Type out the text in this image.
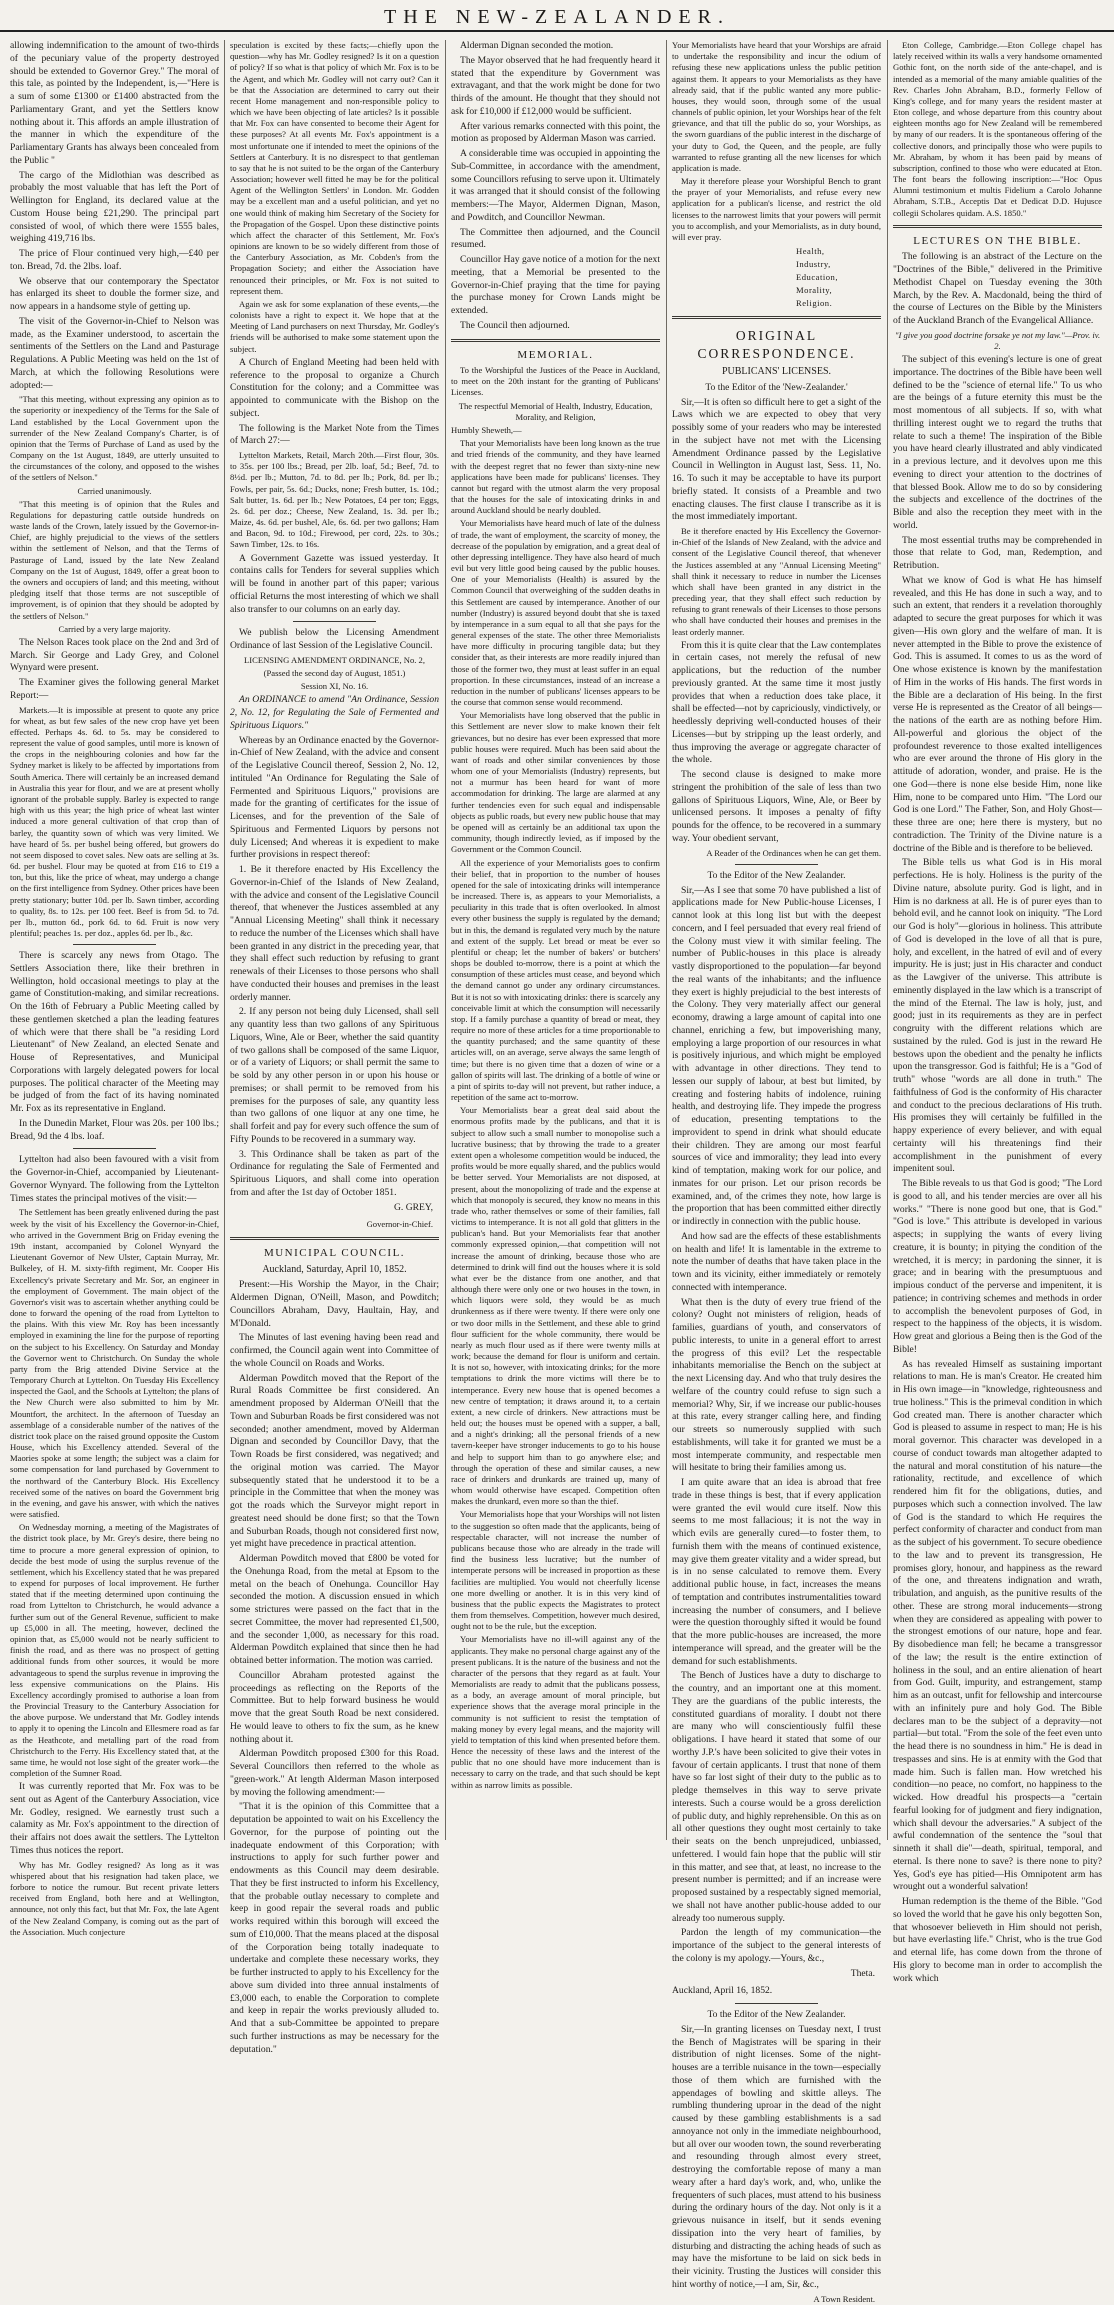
THE NEW-ZEALANDER.

allowing indemnification to the amount of two-thirds of the pecuniary value of the property destroyed should be extended to Governor Grey." The moral of this tale, as pointed by the Independent, is,—"Here is a sum of some £1300 or £1400 abstracted from the Parliamentary Grant, and yet the Settlers know nothing about it. This affords an ample illustration of the manner in which the expenditure of the Parliamentary Grants has always been concealed from the Public "

The cargo of the Midlothian was described as probably the most valuable that has left the Port of Wellington for England, its declared value at the Custom House being £21,290. The principal part consisted of wool, of which there were 1555 bales, weighing 419,716 lbs.

The price of Flour continued very high,—£40 per ton. Bread, 7d. the 2lbs. loaf.

We observe that our contemporary the Spectator has enlarged its sheet to double the former size, and now appears in a handsome style of getting up.

The visit of the Governor-in-Chief to Nelson was made, as the Examiner understood, to ascertain the sentiments of the Settlers on the Land and Pasturage Regulations. A Public Meeting was held on the 1st of March, at which the following Resolutions were adopted:—

"That this meeting, without expressing any opinion as to the superiority or inexpediency of the Terms for the Sale of Land established by the Local Government upon the surrender of the New Zealand Company's Charter, is of opinion that the Terms of Purchase of Land as used by the Company on the 1st August, 1849, are utterly unsuited to the circumstances of the colony, and opposed to the wishes of the settlers of Nelson."

Carried unanimously.

"That this meeting is of opinion that the Rules and Regulations for depasturing cattle outside hundreds on waste lands of the Crown, lately issued by the Governor-in-Chief, are highly prejudicial to the views of the settlers within the settlement of Nelson, and that the Terms of Pasturage of Land, issued by the late New Zealand Company on the 1st of August, 1849, offer a great boon to the owners and occupiers of land; and this meeting, without pledging itself that those terms are not susceptible of improvement, is of opinion that they should be adopted by the settlers of Nelson."

Carried by a very large majority.

The Nelson Races took place on the 2nd and 3rd of March. Sir George and Lady Grey, and Colonel Wynyard were present.

The Examiner gives the following general Market Report:—

Markets.—It is impossible at present to quote any price for wheat, as but few sales of the new crop have yet been effected. Perhaps 4s. 6d. to 5s. may be considered to represent the value of good samples, until more is known of the crops in the neighbouring colonies and how far the Sydney market is likely to be affected by importations from South America. There will certainly be an increased demand in Australia this year for flour, and we are at present wholly ignorant of the probable supply. Barley is expected to range high with us this year; the high price of wheat last winter induced a more general cultivation of that crop than of barley, the quantity sown of which was very limited. We have heard of 5s. per bushel being offered, but growers do not seem disposed to covet sales. New oats are selling at 3s. 6d. per bushel. Flour may be quoted at from £16 to £19 a ton, but this, like the price of wheat, may undergo a change on the first intelligence from Sydney. Other prices have been pretty stationary; butter 10d. per lb. Sawn timber, according to quality, 8s. to 12s. per 100 feet. Beef is from 5d. to 7d. per lb., mutton 6d., pork 6d. to 6d. Fruit is now very plentiful; peaches 1s. per doz., apples 6d. per lb., &c.

There is scarcely any news from Otago. The Settlers Association there, like their brethren in Wellington, hold occasional meetings to play at the game of Constitution-making, and similar recreations. On the 16th of February a Public Meeting called by these gentlemen sketched a plan the leading features of which were that there shall be "a residing Lord Lieutenant" of New Zealand, an elected Senate and House of Representatives, and Municipal Corporations with largely delegated powers for local purposes. The political character of the Meeting may be judged of from the fact of its having nominated Mr. Fox as its representative in England.

In the Dunedin Market, Flour was 20s. per 100 lbs.; Bread, 9d the 4 lbs. loaf.

Lyttelton had also been favoured with a visit from the Governor-in-Chief, accompanied by Lieutenant-Governor Wynyard. The following from the Lyttelton Times states the principal motives of the visit:—

The Settlement has been greatly enlivened during the past week by the visit of his Excellency the Governor-in-Chief, who arrived in the Government Brig on Friday evening the 19th instant, accompanied by Colonel Wynyard the Lieutenant Governor of New Ulster, Captain Murray, Mr. Bulkeley, of H. M. sixty-fifth regiment, Mr. Cooper His Excellency's private Secretary and Mr. Sor, an engineer in the employment of Government. The main object of the Governor's visit was to ascertain whether anything could be done to forward the opening of the road from Lyttelton to the plains. With this view Mr. Roy has been incessantly employed in examining the line for the purpose of reporting on the subject to his Excellency. On Saturday and Monday the Governor went to Christchurch. On Sunday the whole party from the Brig attended Divine Service at the Temporary Church at Lyttelton. On Tuesday His Excellency inspected the Gaol, and the Schools at Lyttelton; the plans of the New Church were also submitted to him by Mr. Mountfort, the architect. In the afternoon of Tuesday an assemblage of a considerable number of the natives of the district took place on the raised ground opposite the Custom House, which his Excellency attended. Several of the Maories spoke at some length; the subject was a claim for some compensation for land purchased by Government to the northward of the Canterbury Block. His Excellency received some of the natives on board the Government brig in the evening, and gave his answer, with which the natives were satisfied.

On Wednesday morning, a meeting of the Magistrates of the district took place, by Mr. Grey's desire, there being no time to procure a more general expression of opinion, to decide the best mode of using the surplus revenue of the settlement, which his Excellency stated that he was prepared to expend for purposes of local improvement. He further stated that if the meeting determined upon continuing the road from Lyttelton to Christchurch, he would advance a further sum out of the General Revenue, sufficient to make up £5,000 in all. The meeting, however, declined the opinion that, as £5,000 would not be nearly sufficient to finish the road, and as there was no prospect of getting additional funds from other sources, it would be more advantageous to spend the surplus revenue in improving the less expensive communications on the Plains. His Excellency accordingly promised to authorise a loan from the Provincial Treasury to the Canterbury Association for the above purpose. We understand that Mr. Godley intends to apply it to opening the Lincoln and Ellesmere road as far as the Heathcote, and metalling part of the road from Christchurch to the Ferry. His Excellency stated that, at the same time, he would not lose sight of the greater work—the completion of the Sumner Road.

It was currently reported that Mr. Fox was to be sent out as Agent of the Canterbury Association, vice Mr. Godley, resigned. We earnestly trust such a calamity as Mr. Fox's appointment to the direction of their affairs not does await the settlers. The Lyttelton Times thus notices the report.

Why has Mr. Godley resigned? As long as it was whispered about that his resignation had taken place, we forbore to notice the rumour. But recent private letters received from England, both here and at Wellington, announce, not only this fact, but that Mr. Fox, the late Agent of the New Zealand Company, is coming out as the part of the Association. Much conjecture

speculation is excited by these facts;—chiefly upon the question—why has Mr. Godley resigned? Is it on a question of policy? If so what is that policy of which Mr. Fox is to be the Agent, and which Mr. Godley will not carry out? Can it be that the Association are determined to carry out their recent Home management and non-responsible policy to which we have been objecting of late articles? Is it possible that Mr. Fox can have consented to become their Agent for these purposes? At all events Mr. Fox's appointment is a most unfortunate one if intended to meet the opinions of the Settlers at Canterbury. It is no disrespect to that gentleman to say that he is not suited to be the organ of the Canterbury Association; however well fitted he may be for the political Agent of the Wellington Settlers' in London. Mr. Godden may be a excellent man and a useful politician, and yet no one would think of making him Secretary of the Society for the Propagation of the Gospel. Upon these distinctive points which affect the character of this Settlement, Mr. Fox's opinions are known to be so widely different from those of the Canterbury Association, as Mr. Cobden's from the Propagation Society; and either the Association have renounced their principles, or Mr. Fox is not suited to represent them.

Again we ask for some explanation of these events,—the colonists have a right to expect it. We hope that at the Meeting of Land purchasers on next Thursday, Mr. Godley's friends will be authorised to make some statement upon the subject.

A Church of England Meeting had been held with reference to the proposal to organize a Church Constitution for the colony; and a Committee was appointed to communicate with the Bishop on the subject.

The following is the Market Note from the Times of March 27:—

Lyttelton Markets, Retail, March 20th.—First flour, 30s. to 35s. per 100 lbs.; Bread, per 2lb. loaf, 5d.; Beef, 7d. to 8½d. per lb.; Mutton, 7d. to 8d. per lb.; Pork, 8d. per lb.; Fowls, per pair, 5s. 6d.; Ducks, none; Fresh butter, 1s. 10d.; Salt butter, 1s. 6d. per lb.; New Potatoes, £4 per ton; Eggs, 2s. 6d. per doz.; Cheese, New Zealand, 1s. 3d. per lb.; Maize, 4s. 6d. per bushel, Ale, 6s. 6d. per two gallons; Ham and Bacon, 9d. to 10d.; Firewood, per cord, 22s. to 30s.; Sawn Timber, 12s. to 16s.

A Government Gazette was issued yesterday. It contains calls for Tenders for several supplies which will be found in another part of this paper; various official Returns the most interesting of which we shall also transfer to our columns on an early day.

We publish below the Licensing Amendment Ordinance of last Session of the Legislative Council.

LICENSING AMENDMENT ORDINANCE, No. 2,

(Passed the second day of August, 1851.)

Session XI, No. 16.

An ORDINANCE to amend "An Ordinance, Session 2, No. 12, for Regulating the Sale of Fermented and Spirituous Liquors."

Whereas by an Ordinance enacted by the Governor-in-Chief of New Zealand, with the advice and consent of the Legislative Council thereof, Session 2, No. 12, intituled "An Ordinance for Regulating the Sale of Fermented and Spirituous Liquors," provisions are made for the granting of certificates for the issue of Licenses, and for the prevention of the Sale of Spirituous and Fermented Liquors by persons not duly Licensed; And whereas it is expedient to make further provisions in respect thereof:

1. Be it therefore enacted by His Excellency the Governor-in-Chief of the Islands of New Zealand, with the advice and consent of the Legislative Council thereof, that whenever the Justices assembled at any "Annual Licensing Meeting" shall think it necessary to reduce the number of the Licenses which shall have been granted in any district in the preceding year, that they shall effect such reduction by refusing to grant renewals of their Licenses to those persons who shall have conducted their houses and premises in the least orderly manner.

2. If any person not being duly Licensed, shall sell any quantity less than two gallons of any Spirituous Liquors, Wine, Ale or Beer, whether the said quantity of two gallons shall be composed of the same Liquor, or of a variety of Liquors; or shall permit the same to be sold by any other person in or upon his house or premises; or shall permit to be removed from his premises for the purposes of sale, any quantity less than two gallons of one liquor at any one time, he shall forfeit and pay for every such offence the sum of Fifty Pounds to be recovered in a summary way.

3. This Ordinance shall be taken as part of the Ordinance for regulating the Sale of Fermented and Spirituous Liquors, and shall come into operation from and after the 1st day of October 1851.

G. GREY,

Governor-in-Chief.

MUNICIPAL COUNCIL.
Auckland, Saturday, April 10, 1852.

Present:—His Worship the Mayor, in the Chair; Aldermen Dignan, O'Neill, Mason, and Powditch; Councillors Abraham, Davy, Haultain, Hay, and M'Donald.

The Minutes of last evening having been read and confirmed, the Council again went into Committee of the whole Council on Roads and Works.

Alderman Powditch moved that the Report of the Rural Roads Committee be first considered. An amendment proposed by Alderman O'Neill that the Town and Suburban Roads be first considered was not seconded; another amendment, moved by Alderman Dignan and seconded by Councillor Davy, that the Town Roads be first considered, was negatived; and the original motion was carried. The Mayor subsequently stated that he understood it to be a principle in the Committee that when the money was got the roads which the Surveyor might report in greatest need should be done first; so that the Town and Suburban Roads, though not considered first now, yet might have precedence in practical attention.

Alderman Powditch moved that £800 be voted for the Onehunga Road, from the metal at Epsom to the metal on the beach of Onehunga. Councillor Hay seconded the motion. A discussion ensued in which some strictures were passed on the fact that in the secret Committee, the mover had represented £1,500, and the seconder 1,000, as necessary for this road. Alderman Powditch explained that since then he had obtained better information. The motion was carried.

Councillor Abraham protested against the proceedings as reflecting on the Reports of the Committee. But to help forward business he would move that the great South Road be next considered. He would leave to others to fix the sum, as he knew nothing about it.

Alderman Powditch proposed £300 for this Road. Several Councillors then referred to the whole as "green-work." At length Alderman Mason interposed by moving the following amendment:—

"That it is the opinion of this Committee that a deputation be appointed to wait on his Excellency the Governor, for the purpose of pointing out the inadequate endowment of this Corporation; with instructions to apply for such further power and endowments as this Council may deem desirable. That they be first instructed to inform his Excellency, that the probable outlay necessary to complete and keep in good repair the several roads and public works required within this borough will exceed the sum of £10,000. That the means placed at the disposal of the Corporation being totally inadequate to undertake and complete these necessary works, they be further instructed to apply to his Excellency for the above sum divided into three annual instalments of £3,000 each, to enable the Corporation to complete and keep in repair the works previously alluded to. And that a sub-Committee be appointed to prepare such further instructions as may be necessary for the deputation."

Alderman Dignan seconded the motion.

The Mayor observed that he had frequently heard it stated that the expenditure by Government was extravagant, and that the work might be done for two thirds of the amount. He thought that they should not ask for £10,000 if £12,000 would be sufficient.

After various remarks connected with this point, the motion as proposed by Alderman Mason was carried.

A considerable time was occupied in appointing the Sub-Committee, in accordance with the amendment, some Councillors refusing to serve upon it. Ultimately it was arranged that it should consist of the following members:—The Mayor, Aldermen Dignan, Mason, and Powditch, and Councillor Newman.

The Committee then adjourned, and the Council resumed.

Councillor Hay gave notice of a motion for the next meeting, that a Memorial be presented to the Governor-in-Chief praying that the time for paying the purchase money for Crown Lands might be extended.

The Council then adjourned.

MEMORIAL.

To the Worshipful the Justices of the Peace in Auckland, to meet on the 20th instant for the granting of Publicans' Licenses.

The respectful Memorial of Health, Industry, Education, Morality, and Religion,

Humbly Sheweth,—

That your Memorialists have been long known as the true and tried friends of the community, and they have learned with the deepest regret that no fewer than sixty-nine new applications have been made for publicans' licenses. They cannot but regard with the utmost alarm the very proposal that the houses for the sale of intoxicating drinks in and around Auckland should be nearly doubled.

Your Memorialists have heard much of late of the dulness of trade, the want of employment, the scarcity of money, the decrease of the population by emigration, and a great deal of other depressing intelligence. They have also heard of much evil but very little good being caused by the public houses. One of your Memorialists (Health) is assured by the Common Council that overweighing of the sudden deaths in this Settlement are caused by intemperance. Another of our number (Industry) is assured beyond doubt that she is taxed by intemperance in a sum equal to all that she pays for the general expenses of the state. The other three Memorialists have more difficulty in procuring tangible data; but they consider that, as their interests are more readily injured than those of the former two, they must at least suffer in an equal proportion. In these circumstances, instead of an increase a reduction in the number of publicans' licenses appears to be the course that common sense would recommend.

Your Memorialists have long observed that the public in this Settlement are never slow to make known their felt grievances, but no desire has ever been expressed that more public houses were required. Much has been said about the want of roads and other similar conveniences by those whom one of your Memorialists (Industry) represents, but not a murmur has been heard for want of more accommodation for drinking. The large are alarmed at any further tendencies even for such equal and indispensable objects as public roads, but every new public house that may be opened will as certainly be an additional tax upon the community, though indirectly levied, as if imposed by the Government or the Common Council.

All the experience of your Memorialists goes to confirm their belief, that in proportion to the number of houses opened for the sale of intoxicating drinks will intemperance be increased. There is, as appears to your Memorialists, a peculiarity in this trade that is often overlooked. In almost every other business the supply is regulated by the demand; but in this, the demand is regulated very much by the nature and extent of the supply. Let bread or meat be ever so plentiful or cheap; let the number of bakers' or butchers' shops be doubled to-morrow, there is a point at which the consumption of these articles must cease, and beyond which the demand cannot go under any ordinary circumstances. But it is not so with intoxicating drinks: there is scarcely any conceivable limit at which the consumption will necessarily stop. If a family purchase a quantity of bread or meat, they require no more of these articles for a time proportionable to the quantity purchased; and the same quantity of these articles will, on an average, serve always the same length of time; but there is no given time that a dozen of wine or a gallon of spirits will last. The drinking of a bottle of wine or a pint of spirits to-day will not prevent, but rather induce, a repetition of the same act to-morrow.

Your Memorialists bear a great deal said about the enormous profits made by the publicans, and that it is subject to allow such a small number to monopolise such a lucrative business; that by throwing the trade to a greater extent open a wholesome competition would be induced, the profits would be more equally shared, and the publics would be better served. Your Memorialists are not disposed, at present, about the monopolizing of trade and the expense at which that monopoly is secured, they know no means in this trade who, rather themselves or some of their families, fall victims to intemperance. It is not all gold that glitters in the publican's hand. But your Memorialists fear that another commonly expressed opinion,—that competition will not increase the amount of drinking, because those who are determined to drink will find out the houses where it is sold what ever be the distance from one another, and that although there were only one or two houses in the town, in which liquors were sold, they would be as much drunkenness as if there were twenty. If there were only one or two door mills in the Settlement, and these able to grind flour sufficient for the whole community, there would be nearly as much flour used as if there were twenty mills at work; because the demand for flour is uniform and certain. It is not so, however, with intoxicating drinks; for the more temptations to drink the more victims will there be to intemperance. Every new house that is opened becomes a new centre of temptation; it draws around it, to a certain extent, a new circle of drinkers. New attractions must be held out; the houses must be opened with a supper, a ball, and a night's drinking; all the personal friends of a new tavern-keeper have stronger inducements to go to his house and help to support him than to go anywhere else; and through the operation of these and similar causes, a new race of drinkers and drunkards are trained up, many of whom would otherwise have escaped. Competition often makes the drunkard, even more so than the thief.

Your Memorialists hope that your Worships will not listen to the suggestion so often made that the applicants, being of respectable character, will not increase the number of publicans because those who are already in the trade will find the business less lucrative; but the number of intemperate persons will be increased in proportion as these facilities are multiplied. You would not cheerfully license one more dwelling or another. It is in this very kind of business that the public expects the Magistrates to protect them from themselves. Competition, however much desired, ought not to be the rule, but the exception.

Your Memorialists have no ill-will against any of the applicants. They make no personal charge against any of the present publicans. It is the nature of the business and not the character of the persons that they regard as at fault. Your Memorialists are ready to admit that the publicans possess, as a body, an average amount of moral principle, but experience shows that the average moral principle in the community is not sufficient to resist the temptation of making money by every legal means, and the majority will yield to temptation of this kind when presented before them. Hence the necessity of these laws and the interest of the public that no one should have more inducement than is necessary to carry on the trade, and that such should be kept within as narrow limits as possible.

Your Memorialists have heard that your Worships are afraid to undertake the responsibility and incur the odium of refusing these new applications unless the public petition against them. It appears to your Memorialists as they have already said, that if the public wanted any more public-houses, they would soon, through some of the usual channels of public opinion, let your Worships hear of the felt grievance, and that till the public do so, your Worships, as the sworn guardians of the public interest in the discharge of your duty to God, the Queen, and the people, are fully warranted to refuse granting all the new licenses for which application is made.

May it therefore please your Worshipful Bench to grant the prayer of your Memorialists, and refuse every new application for a publican's license, and restrict the old licenses to the narrowest limits that your powers will permit you to accomplish, and your Memorialists, as in duty bound, will ever pray.

Health,
Industry,
Education,
Morality,
Religion.
ORIGINAL CORRESPONDENCE.
PUBLICANS' LICENSES.

To the Editor of the 'New-Zealander.'

Sir,—It is often so difficult here to get a sight of the Laws which we are expected to obey that very possibly some of your readers who may be interested in the subject have not met with the Licensing Amendment Ordinance passed by the Legislative Council in Wellington in August last, Sess. 11, No. 16. To such it may be acceptable to have its purport briefly stated. It consists of a Preamble and two enacting clauses. The first clause I transcribe as it is the most immediately important.

Be it therefore enacted by His Excellency the Governor-in-Chief of the Islands of New Zealand, with the advice and consent of the Legislative Council thereof, that whenever the Justices assembled at any "Annual Licensing Meeting" shall think it necessary to reduce in number the Licenses which shall have been granted in any district in the preceding year, that they shall effect such reduction by refusing to grant renewals of their Licenses to those persons who shall have conducted their houses and premises in the least orderly manner.

From this it is quite clear that the Law contemplates in certain cases, not merely the refusal of new applications, but the reduction of the number previously granted. At the same time it most justly provides that when a reduction does take place, it shall be effected—not by capriciously, vindictively, or heedlessly depriving well-conducted houses of their Licenses—but by stripping up the least orderly, and thus improving the average or aggregate character of the whole.

The second clause is designed to make more stringent the prohibition of the sale of less than two gallons of Spirituous Liquors, Wine, Ale, or Beer by unlicensed persons. It imposes a penalty of fifty pounds for the offence, to be recovered in a summary way. Your obedient servant,

A Reader of the Ordinances when he can get them.

To the Editor of the New Zealander.

Sir,—As I see that some 70 have published a list of applications made for New Public-house Licenses, I cannot look at this long list but with the deepest concern, and I feel persuaded that every real friend of the Colony must view it with similar feeling. The number of Public-houses in this place is already vastly disproportioned to the population—far beyond the real wants of the inhabitants; and the influence they exert is highly prejudicial to the best interests of the Colony. They very materially affect our general economy, drawing a large amount of capital into one channel, enriching a few, but impoverishing many, employing a large proportion of our resources in what is positively injurious, and which might be employed with advantage in other directions. They tend to lessen our supply of labour, at best but limited, by creating and fostering habits of indolence, ruining health, and destroying life. They impede the progress of education, presenting temptations to the improvident to spend in drink what should educate their children. They are among our most fearful sources of vice and immorality; they lead into every kind of temptation, making work for our police, and inmates for our prison. Let our prison records be examined, and, of the crimes they note, how large is the proportion that has been committed either directly or indirectly in connection with the public house.

And how sad are the effects of these establishments on health and life! It is lamentable in the extreme to note the number of deaths that have taken place in the town and its vicinity, either immediately or remotely connected with intemperance.

What then is the duty of every true friend of the colony? Ought not ministers of religion, heads of families, guardians of youth, and conservators of public interests, to unite in a general effort to arrest the progress of this evil? Let the respectable inhabitants memorialise the Bench on the subject at the next Licensing day. And who that truly desires the welfare of the country could refuse to sign such a memorial? Why, Sir, if we increase our public-houses at this rate, every stranger calling here, and finding our streets so numerously supplied with such establishments, will take it for granted we must be a most intemperate community, and respectable men will hesitate to bring their families among us.

I am quite aware that an idea is abroad that free trade in these things is best, that if every application were granted the evil would cure itself. Now this seems to me most fallacious; it is not the way in which evils are generally cured—to foster them, to furnish them with the means of continued existence, may give them greater vitality and a wider spread, but is in no sense calculated to remove them. Every additional public house, in fact, increases the means of temptation and contributes instrumentalities toward increasing the number of consumers, and I believe were the question thoroughly sifted it would be found that the more public-houses are increased, the more intemperance will spread, and the greater will be the demand for such establishments.

The Bench of Justices have a duty to discharge to the country, and an important one at this moment. They are the guardians of the public interests, the constituted guardians of morality. I doubt not there are many who will conscientiously fulfil these obligations. I have heard it stated that some of our worthy J.P.'s have been solicited to give their votes in favour of certain applicants. I trust that none of them have so far lost sight of their duty to the public as to pledge themselves in this way to serve private interests. Such a course would be a gross dereliction of public duty, and highly reprehensible. On this as on all other questions they ought most certainly to take their seats on the bench unprejudiced, unbiassed, unfettered. I would fain hope that the public will stir in this matter, and see that, at least, no increase to the present number is permitted; and if an increase were proposed sustained by a respectably signed memorial, we shall not have another public-house added to our already too numerous supply.

Pardon the length of my communication—the importance of the subject to the general interests of the colony is my apology.—Yours, &c.,

Theta.

Auckland, April 16, 1852.

To the Editor of the New Zealander.

Sir,—In granting licenses on Tuesday next, I trust the Bench of Magistrates will be sparing in their distribution of night licenses. Some of the night-houses are a terrible nuisance in the town—especially those of them which are furnished with the appendages of bowling and skittle alleys. The rumbling thundering uproar in the dead of the night caused by these gambling establishments is a sad annoyance not only in the immediate neighbourhood, but all over our wooden town, the sound reverberating and resounding through almost every street, destroying the comfortable repose of many a man weary after a hard day's work, and, who, unlike the frequenters of such places, must attend to his business during the ordinary hours of the day. Not only is it a grievous nuisance in itself, but it sends evening dissipation into the very heart of families, by disturbing and distracting the aching heads of such as may have the misfortune to be laid on sick beds in their vicinity. Trusting the Justices will consider this hint worthy of notice,—I am, Sir, &c.,

A Town Resident.

Eton College, Cambridge.—Eton College chapel has lately received within its walls a very handsome ornamented Gothic font, on the north side of the ante-chapel, and is intended as a memorial of the many amiable qualities of the Rev. Charles John Abraham, B.D., formerly Fellow of King's college, and for many years the resident master at Eton college, and whose departure from this country about eighteen months ago for New Zealand will be remembered by many of our readers. It is the spontaneous offering of the collective donors, and principally those who were pupils to Mr. Abraham, by whom it has been paid by means of subscription, confined to those who were educated at Eton. The font bears the following inscription:—"Hoc Opus Alumni testimonium et multis Fidelium a Carolo Johanne Abraham, S.T.B., Acceptis Dat et Dedicat D.D. Hujusce collegii Scholares quidam. A.S. 1850."

LECTURES ON THE BIBLE.

The following is an abstract of the Lecture on the "Doctrines of the Bible," delivered in the Primitive Methodist Chapel on Tuesday evening the 30th March, by the Rev. A. Macdonald, being the third of the course of Lectures on the Bible by the Ministers of the Auckland Branch of the Evangelical Alliance.

"I give you good doctrine forsake ye not my law."—Prov. iv. 2.

The subject of this evening's lecture is one of great importance. The doctrines of the Bible have been well defined to be the "science of eternal life." To us who are the beings of a future eternity this must be the most momentous of all subjects. If so, with what thrilling interest ought we to regard the truths that relate to such a theme! The inspiration of the Bible you have heard clearly illustrated and ably vindicated in a previous lecture, and it devolves upon me this evening to direct your attention to the doctrines of that blessed Book. Allow me to do so by considering the subjects and excellence of the doctrines of the Bible and also the reception they meet with in the world.

The most essential truths may be comprehended in those that relate to God, man, Redemption, and Retribution.

What we know of God is what He has himself revealed, and this He has done in such a way, and to such an extent, that renders it a revelation thoroughly adapted to secure the great purposes for which it was given—His own glory and the welfare of man. It is never attempted in the Bible to prove the existence of God. This is assumed. It comes to us as the word of One whose existence is known by the manifestation of Him in the works of His hands. The first words in the Bible are a declaration of His being. In the first verse He is represented as the Creator of all beings—the nations of the earth are as nothing before Him. All-powerful and glorious the object of the profoundest reverence to those exalted intelligences who are ever around the throne of His glory in the attitude of adoration, wonder, and praise. He is the one God—there is none else beside Him, none like Him, none to be compared unto Him. "The Lord our God is one Lord." The Father, Son, and Holy Ghost—these three are one; here there is mystery, but no contradiction. The Trinity of the Divine nature is a doctrine of the Bible and is therefore to be believed.

The Bible tells us what God is in His moral perfections. He is holy. Holiness is the purity of the Divine nature, absolute purity. God is light, and in Him is no darkness at all. He is of purer eyes than to behold evil, and he cannot look on iniquity. "The Lord our God is holy"—glorious in holiness. This attribute of God is developed in the love of all that is pure, holy, and excellent, in the hatred of evil and of every impurity. He is just; just in His character and conduct as the Lawgiver of the universe. This attribute is eminently displayed in the law which is a transcript of the mind of the Eternal. The law is holy, just, and good; just in its requirements as they are in perfect congruity with the different relations which are sustained by the ruled. God is just in the reward He bestows upon the obedient and the penalty he inflicts upon the transgressor. God is faithful; He is a "God of truth" whose "words are all done in truth." The faithfulness of God is the conformity of His character and conduct to the precious declarations of His truth. His promises they will certainly be fulfilled in the happy experience of every believer, and with equal certainty will his threatenings find their accomplishment in the punishment of every impenitent soul.

The Bible reveals to us that God is good; "The Lord is good to all, and his tender mercies are over all his works." "There is none good but one, that is God." "God is love." This attribute is developed in various aspects; in supplying the wants of every living creature, it is bounty; in pitying the condition of the wretched, it is mercy; in pardoning the sinner, it is grace; and in bearing with the presumptuous and impious conduct of the perverse and impenitent, it is patience; in contriving schemes and methods in order to accomplish the benevolent purposes of God, in respect to the happiness of the objects, it is wisdom. How great and glorious a Being then is the God of the Bible!

As has revealed Himself as sustaining important relations to man. He is man's Creator. He created him in His own image—in "knowledge, righteousness and true holiness." This is the primeval condition in which God created man. There is another character which God is pleased to assume in respect to man; He is his moral governor. This character was developed in a course of conduct towards man altogether adapted to the natural and moral constitution of his nature—the rationality, rectitude, and excellence of which rendered him fit for the obligations, duties, and purposes which such a connection involved. The law of God is the standard to which He requires the perfect conformity of character and conduct from man as the subject of his government. To secure obedience to the law and to prevent its transgression, He promises glory, honour, and happiness as the reward of the one, and threatens indignation and wrath, tribulation, and anguish, as the punitive results of the other. These are strong moral inducements—strong when they are considered as appealing with power to the strongest emotions of our nature, hope and fear. By disobedience man fell; he became a transgressor of the law; the result is the entire extinction of holiness in the soul, and an entire alienation of heart from God. Guilt, impurity, and estrangement, stamp him as an outcast, unfit for fellowship and intercourse with an infinitely pure and holy God. The Bible declares man to be the subject of a depravity—not partial—but total. "From the sole of the feet even unto the head there is no soundness in him." He is dead in trespasses and sins. He is at enmity with the God that made him. Such is fallen man. How wretched his condition—no peace, no comfort, no happiness to the wicked. How dreadful his prospects—a "certain fearful looking for of judgment and fiery indignation, which shall devour the adversaries." A subject of the awful condemnation of the sentence the "soul that sinneth it shall die"—death, spiritual, temporal, and eternal. Is there none to save? is there none to pity? Yes, God's eye has pitied—His Omnipotent arm has wrought out a wonderful salvation!

Human redemption is the theme of the Bible. "God so loved the world that he gave his only begotten Son, that whosoever believeth in Him should not perish, but have everlasting life." Christ, who is the true God and eternal life, has come down from the throne of His glory to become man in order to accomplish the work which
